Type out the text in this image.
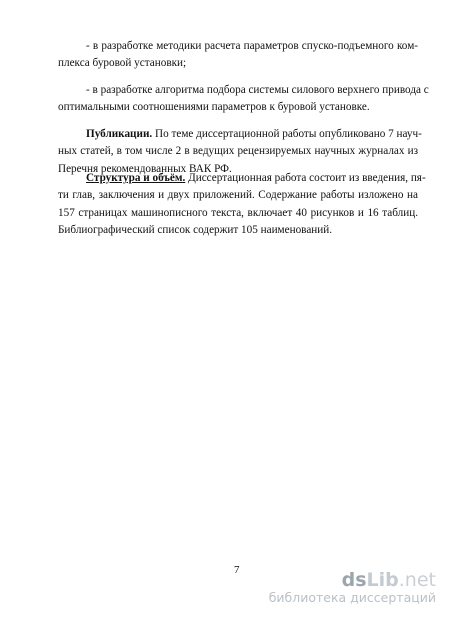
- в разработке методики расчета параметров спуско-подъемного ком-
плекса буровой установки;

- в разработке алгоритма подбора системы силового верхнего привода с
оптимальными соотношениями параметров к буровой установке.

Публикации. По теме диссертационной работы опубликовано 7 науч-
ных статей, в том числе 2 в ведущих рецензируемых научных журналах из
Перечня рекомендованных ВАК РФ.

Структура и объём. Диссертационная работа состоит из введения, пя-
ти глав, заключения и двух приложений. Содержание работы изложено на
157 страницах машинописного текста, включает 40 рисунков и 16 таблиц.
Библиографический список содержит 105 наименований.

7	dsLib.net
библиотека диссертаций
